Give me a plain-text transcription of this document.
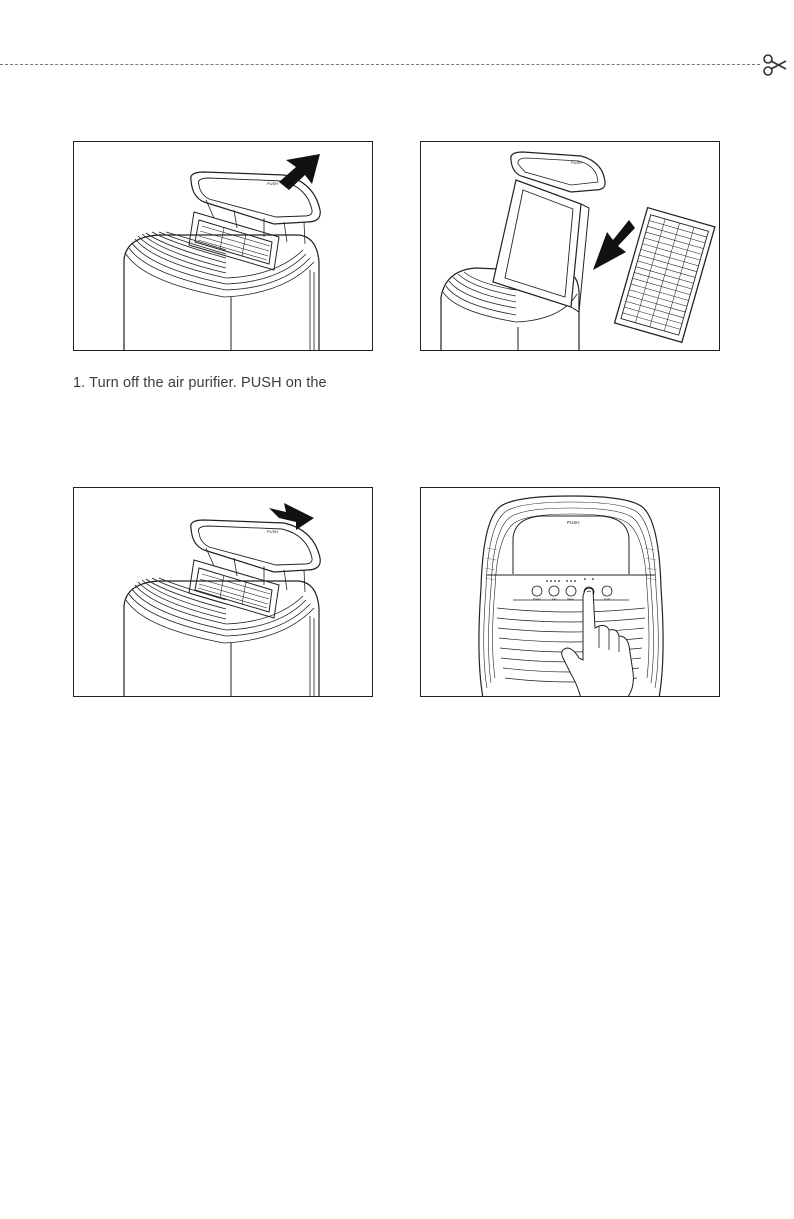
PUSH
PUSH
1. Turn off the air purifier. PUSH on the
PUSH
PUSH
Power	Fan	Sleep	Light
